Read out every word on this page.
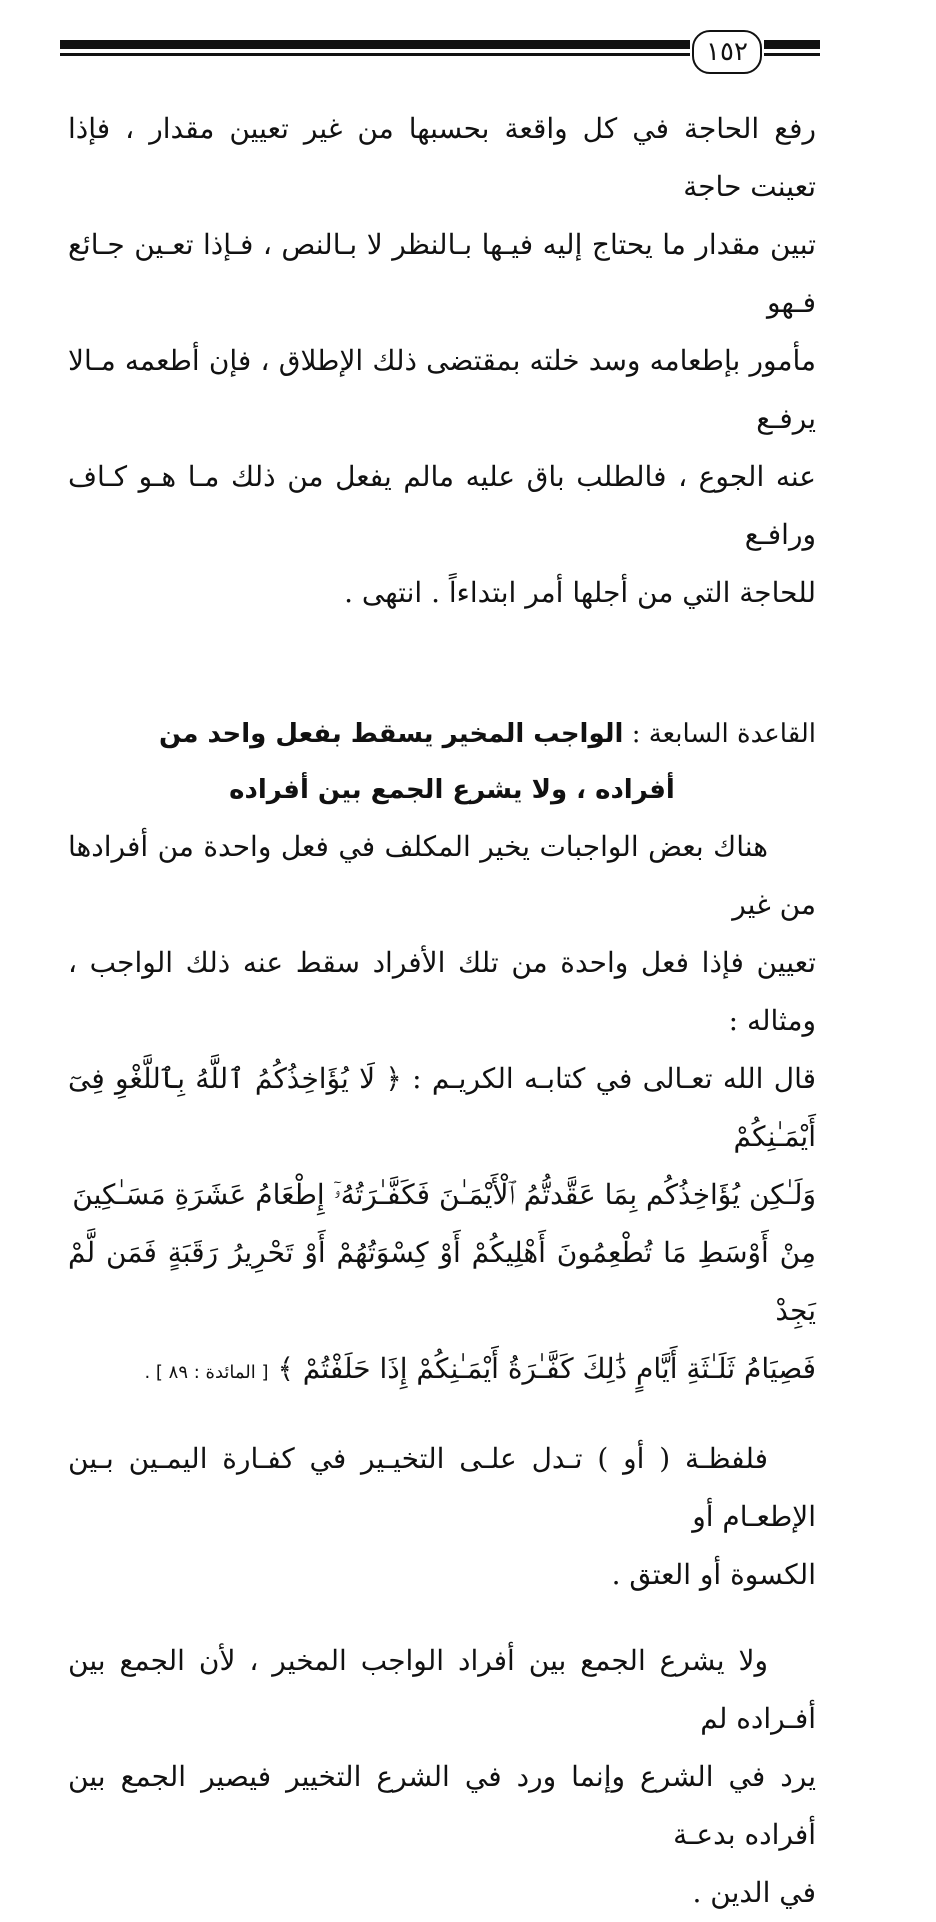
١٥٢

رفع الحاجة في كل واقعة بحسبها من غير تعيين مقدار ، فإذا تعينت حاجة

تبين مقدار ما يحتاج إليه فيـها بـالنظر لا بـالنص ، فـإذا تعـين جـائع فـهو

مأمور بإطعامه وسد خلته بمقتضى ذلك الإطلاق ، فإن أطعمه مـالا يرفـع

عنه الجوع ، فالطلب باق عليه مالم يفعل من ذلك مـا هـو كـاف ورافـع

للحاجة التي من أجلها أمر ابتداءاً . انتهى .

القاعدة السابعة : الواجب المخير يسقط بفعل واحد من
أفراده ، ولا يشرع الجمع بين أفراده

هناك بعض الواجبات يخير المكلف في فعل واحدة من أفرادها من غير

تعيين فإذا فعل واحدة من تلك الأفراد سقط عنه ذلك الواجب ، ومثاله :

قال الله تعـالى في كتابـه الكريـم : ﴿ لَا يُؤَاخِذُكُمُ ٱللَّهُ بِٱللَّغْوِ فِىٓ أَيْمَـٰنِكُمْ

وَلَـٰكِن يُؤَاخِذُكُم بِمَا عَقَّدتُّمُ ٱلْأَيْمَـٰنَ فَكَفَّـٰرَتُهُۥٓ إِطْعَامُ عَشَرَةِ مَسَـٰكِينَ

مِنْ أَوْسَطِ مَا تُطْعِمُونَ أَهْلِيكُمْ أَوْ كِسْوَتُهُمْ أَوْ تَحْرِيرُ رَقَبَةٍ فَمَن لَّمْ يَجِدْ

فَصِيَامُ ثَلَـٰثَةِ أَيَّامٍ ذَٰلِكَ كَفَّـٰرَةُ أَيْمَـٰنِكُمْ إِذَا حَلَفْتُمْ ﴾ [ المائدة : ٨٩ ] .

فلفظـة ( أو ) تـدل علـى التخيـير في كفـارة اليمـين بـين الإطعـام أو

الكسوة أو العتق .

ولا يشرع الجمع بين أفراد الواجب المخير ، لأن الجمع بين أفـراده لم

يرد في الشرع وإنما ورد في الشرع التخيير فيصير الجمع بين أفراده بدعـة

في الدين .
